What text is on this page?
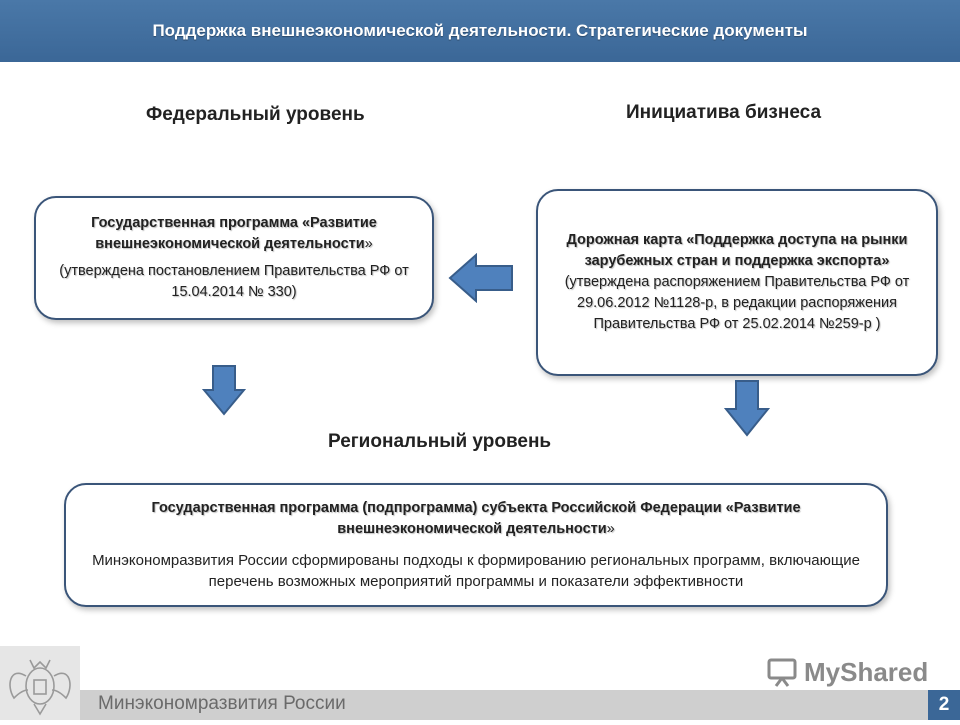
Поддержка внешнеэкономической деятельности. Стратегические документы
Федеральный уровень	Инициатива бизнеса
Региональный уровень
Государственная программа «Развитие внешнеэкономической деятельности»
(утверждена постановлением Правительства РФ от 15.04.2014 № 330)
Дорожная карта «Поддержка доступа на рынки зарубежных стран и поддержка экспорта»
(утверждена распоряжением Правительства РФ от 29.06.2012 №1128-р, в редакции распоряжения Правительства РФ от 25.02.2014 №259-р )
Государственная программа (подпрограмма) субъекта Российской Федерации «Развитие внешнеэкономической деятельности»
Минэкономразвития России сформированы подходы к формированию региональных программ, включающие перечень возможных мероприятий программы и показатели эффективности
Минэкономразвития России	2
MyShared
